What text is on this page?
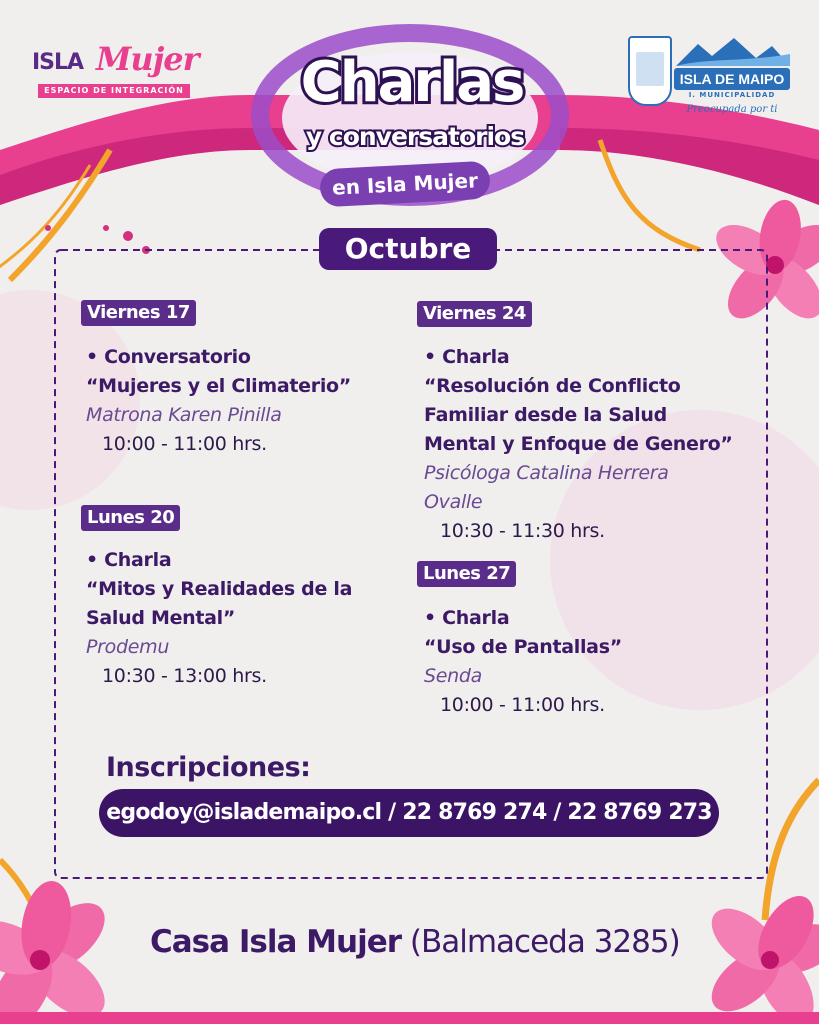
ISLA Mujer
ESPACIO DE INTEGRACIÓN
ISLA DE MAIPO
I. MUNICIPALIDAD
Preocupada por ti
Charlas
y conversatorios
en Isla Mujer
Octubre
Viernes 17
• Conversatorio
“Mujeres y el Climaterio”
Matrona Karen Pinilla
10:00 - 11:00 hrs.
Lunes 20
• Charla
“Mitos y Realidades de la
Salud Mental”
Prodemu
10:30 - 13:00 hrs.
Viernes 24
• Charla
“Resolución de Conflicto
Familiar desde la Salud
Mental y Enfoque de Genero”
Psicóloga Catalina Herrera
Ovalle
10:30 - 11:30 hrs.
Lunes 27
• Charla
“Uso de Pantallas”
Senda
10:00 - 11:00 hrs.
Inscripciones:
egodoy@islademaipo.cl / 22 8769 274 / 22 8769 273
Casa Isla Mujer (Balmaceda 3285)
